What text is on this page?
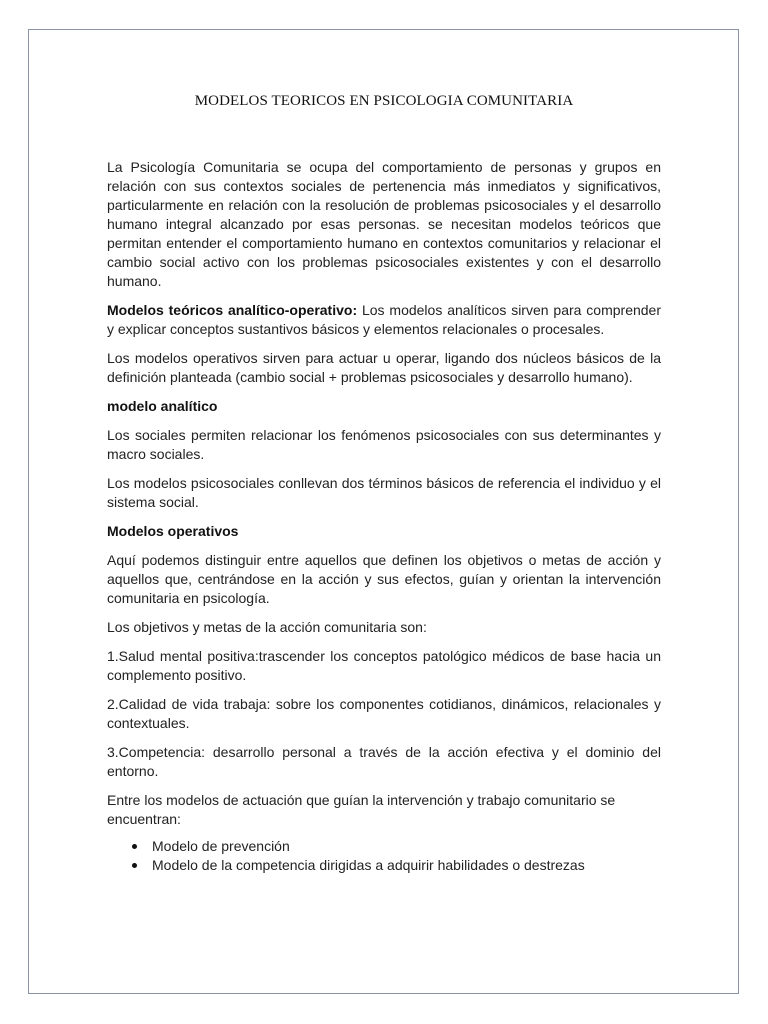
MODELOS TEORICOS EN PSICOLOGIA COMUNITARIA

La Psicología Comunitaria se ocupa del comportamiento de personas y grupos en relación con sus contextos sociales de pertenencia más inmediatos y significativos, particularmente en relación con la resolución de problemas psicosociales y el desarrollo humano integral alcanzado por esas personas. se necesitan modelos teóricos que permitan entender el comportamiento humano en contextos comunitarios y relacionar el cambio social activo con los problemas psicosociales existentes y con el desarrollo humano.

Modelos teóricos analítico-operativo: Los modelos analíticos sirven para comprender y explicar conceptos sustantivos básicos y elementos relacionales o procesales.

Los modelos operativos sirven para actuar u operar, ligando dos núcleos básicos de la definición planteada (cambio social + problemas psicosociales y desarrollo humano).

modelo analítico

Los sociales permiten relacionar los fenómenos psicosociales con sus determinantes y macro sociales.

Los modelos psicosociales conllevan dos términos básicos de referencia el individuo y el sistema social.

Modelos operativos

Aquí podemos distinguir entre aquellos que definen los objetivos o metas de acción y aquellos que, centrándose en la acción y sus efectos, guían y orientan la intervención comunitaria en psicología.

Los objetivos y metas de la acción comunitaria son:

1.Salud mental positiva:trascender los conceptos patológico médicos de base hacia un complemento positivo.

2.Calidad de vida trabaja: sobre los componentes cotidianos, dinámicos, relacionales y contextuales.

3.Competencia: desarrollo personal a través de la acción efectiva y el dominio del entorno.

Entre los modelos de actuación que guían la intervención y trabajo comunitario se encuentran:

Modelo de prevención
Modelo de la competencia dirigidas a adquirir habilidades o destrezas
